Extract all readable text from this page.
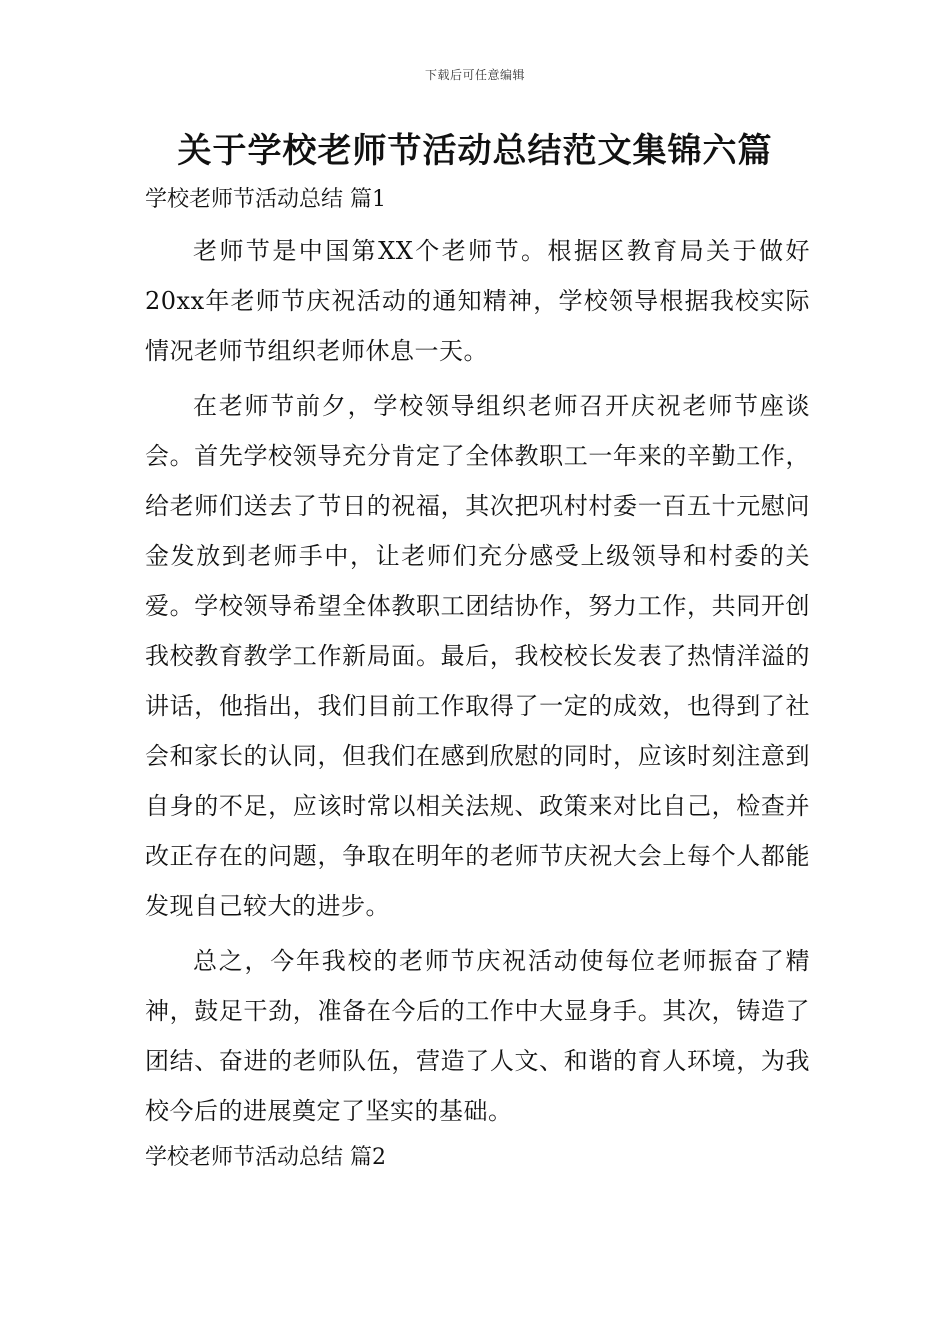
下载后可任意编辑
关于学校老师节活动总结范文集锦六篇

学校老师节活动总结 篇1

老师节是中国第XX个老师节。根据区教育局关于做好20xx年老师节庆祝活动的通知精神，学校领导根据我校实际情况老师节组织老师休息一天。

在老师节前夕，学校领导组织老师召开庆祝老师节座谈会。首先学校领导充分肯定了全体教职工一年来的辛勤工作，给老师们送去了节日的祝福，其次把巩村村委一百五十元慰问金发放到老师手中，让老师们充分感受上级领导和村委的关爱。学校领导希望全体教职工团结协作，努力工作，共同开创我校教育教学工作新局面。最后，我校校长发表了热情洋溢的讲话，他指出，我们目前工作取得了一定的成效，也得到了社会和家长的认同，但我们在感到欣慰的同时，应该时刻注意到自身的不足，应该时常以相关法规、政策来对比自己，检查并改正存在的问题，争取在明年的老师节庆祝大会上每个人都能发现自己较大的进步。

总之，今年我校的老师节庆祝活动使每位老师振奋了精神，鼓足干劲，准备在今后的工作中大显身手。其次，铸造了团结、奋进的老师队伍，营造了人文、和谐的育人环境，为我校今后的进展奠定了坚实的基础。

学校老师节活动总结 篇2
